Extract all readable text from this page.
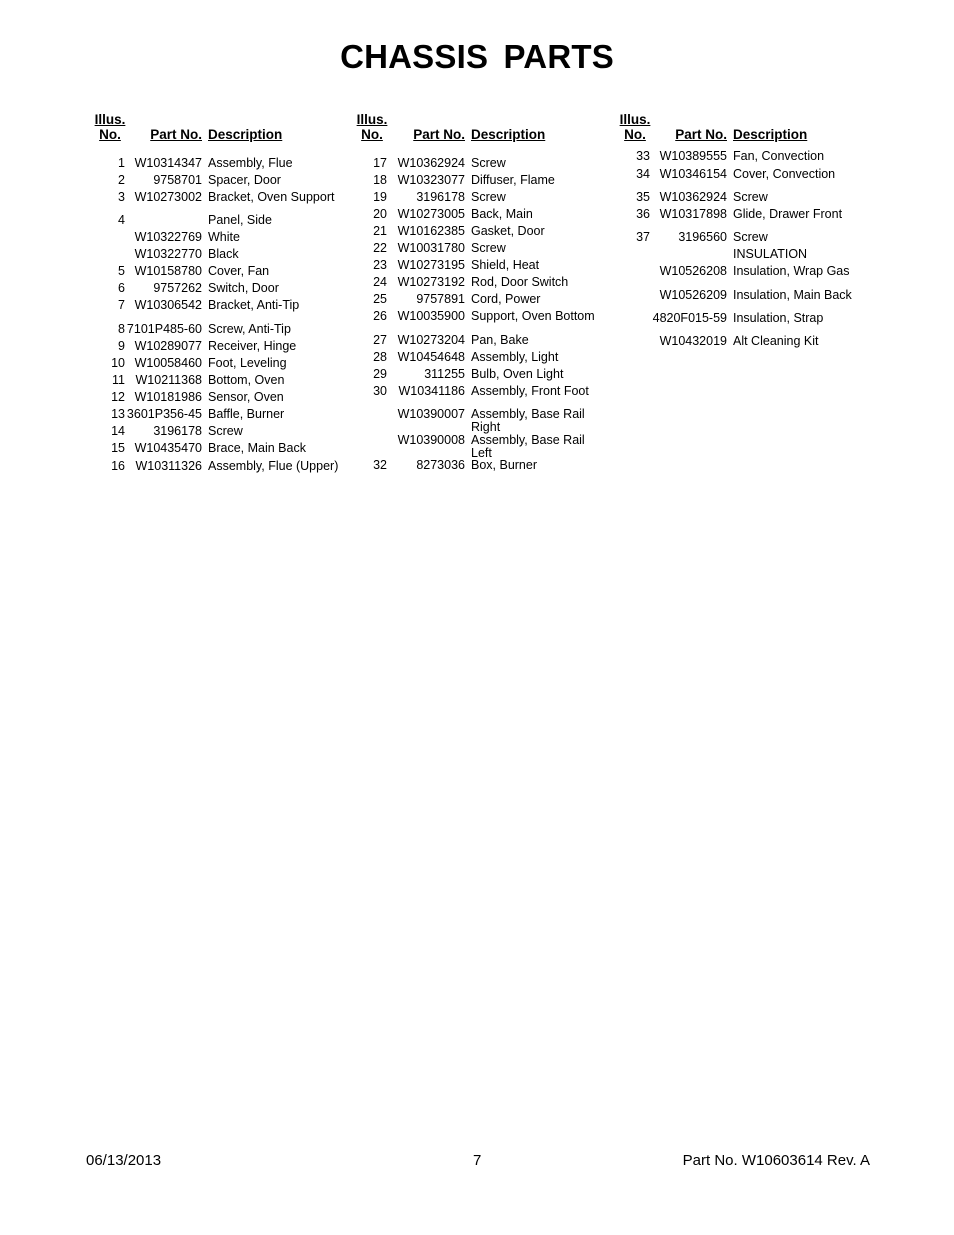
CHASSIS PARTS
Illus.
No.	Part No. Description
1 W10314347 Assembly, Flue
2 9758701 Spacer, Door
3 W10273002 Bracket, Oven Support
4	Panel, Side
W10322769 White
W10322770 Black
5 W10158780 Cover, Fan
6 9757262 Switch, Door
7 W10306542 Bracket, Anti-Tip
8 7101P485-60 Screw, Anti-Tip
9 W10289077 Receiver, Hinge
10 W10058460 Foot, Leveling
11 W10211368 Bottom, Oven
12 W10181986 Sensor, Oven
13 3601P356-45 Baffle, Burner
14 3196178 Screw
15 W10435470 Brace, Main Back
16 W10311326 Assembly, Flue (Upper)
Illus.
No.	Part No. Description
17 W10362924 Screw
18 W10323077 Diffuser, Flame
19 3196178 Screw
20 W10273005 Back, Main
21 W10162385 Gasket, Door
22 W10031780 Screw
23 W10273195 Shield, Heat
24 W10273192 Rod, Door Switch
25 9757891 Cord, Power
26 W10035900 Support, Oven Bottom
27 W10273204 Pan, Bake
28 W10454648 Assembly, Light
29	311255 Bulb, Oven Light
30 W10341186 Assembly, Front Foot
W10390007 Assembly, Base Rail
Right
W10390008 Assembly, Base Rail
Left
32 8273036 Box, Burner
Illus.
No.	Part No. Description
33 W10389555 Fan, Convection
34 W10346154 Cover, Convection
35 W10362924 Screw
36 W10317898 Glide, Drawer Front
37 3196560 Screw
INSULATION
W10526208 Insulation, Wrap Gas
W10526209 Insulation, Main Back
4820F015-59 Insulation, Strap
W10432019 Alt Cleaning Kit
06/13/2013	7	Part No. W10603614 Rev. A
